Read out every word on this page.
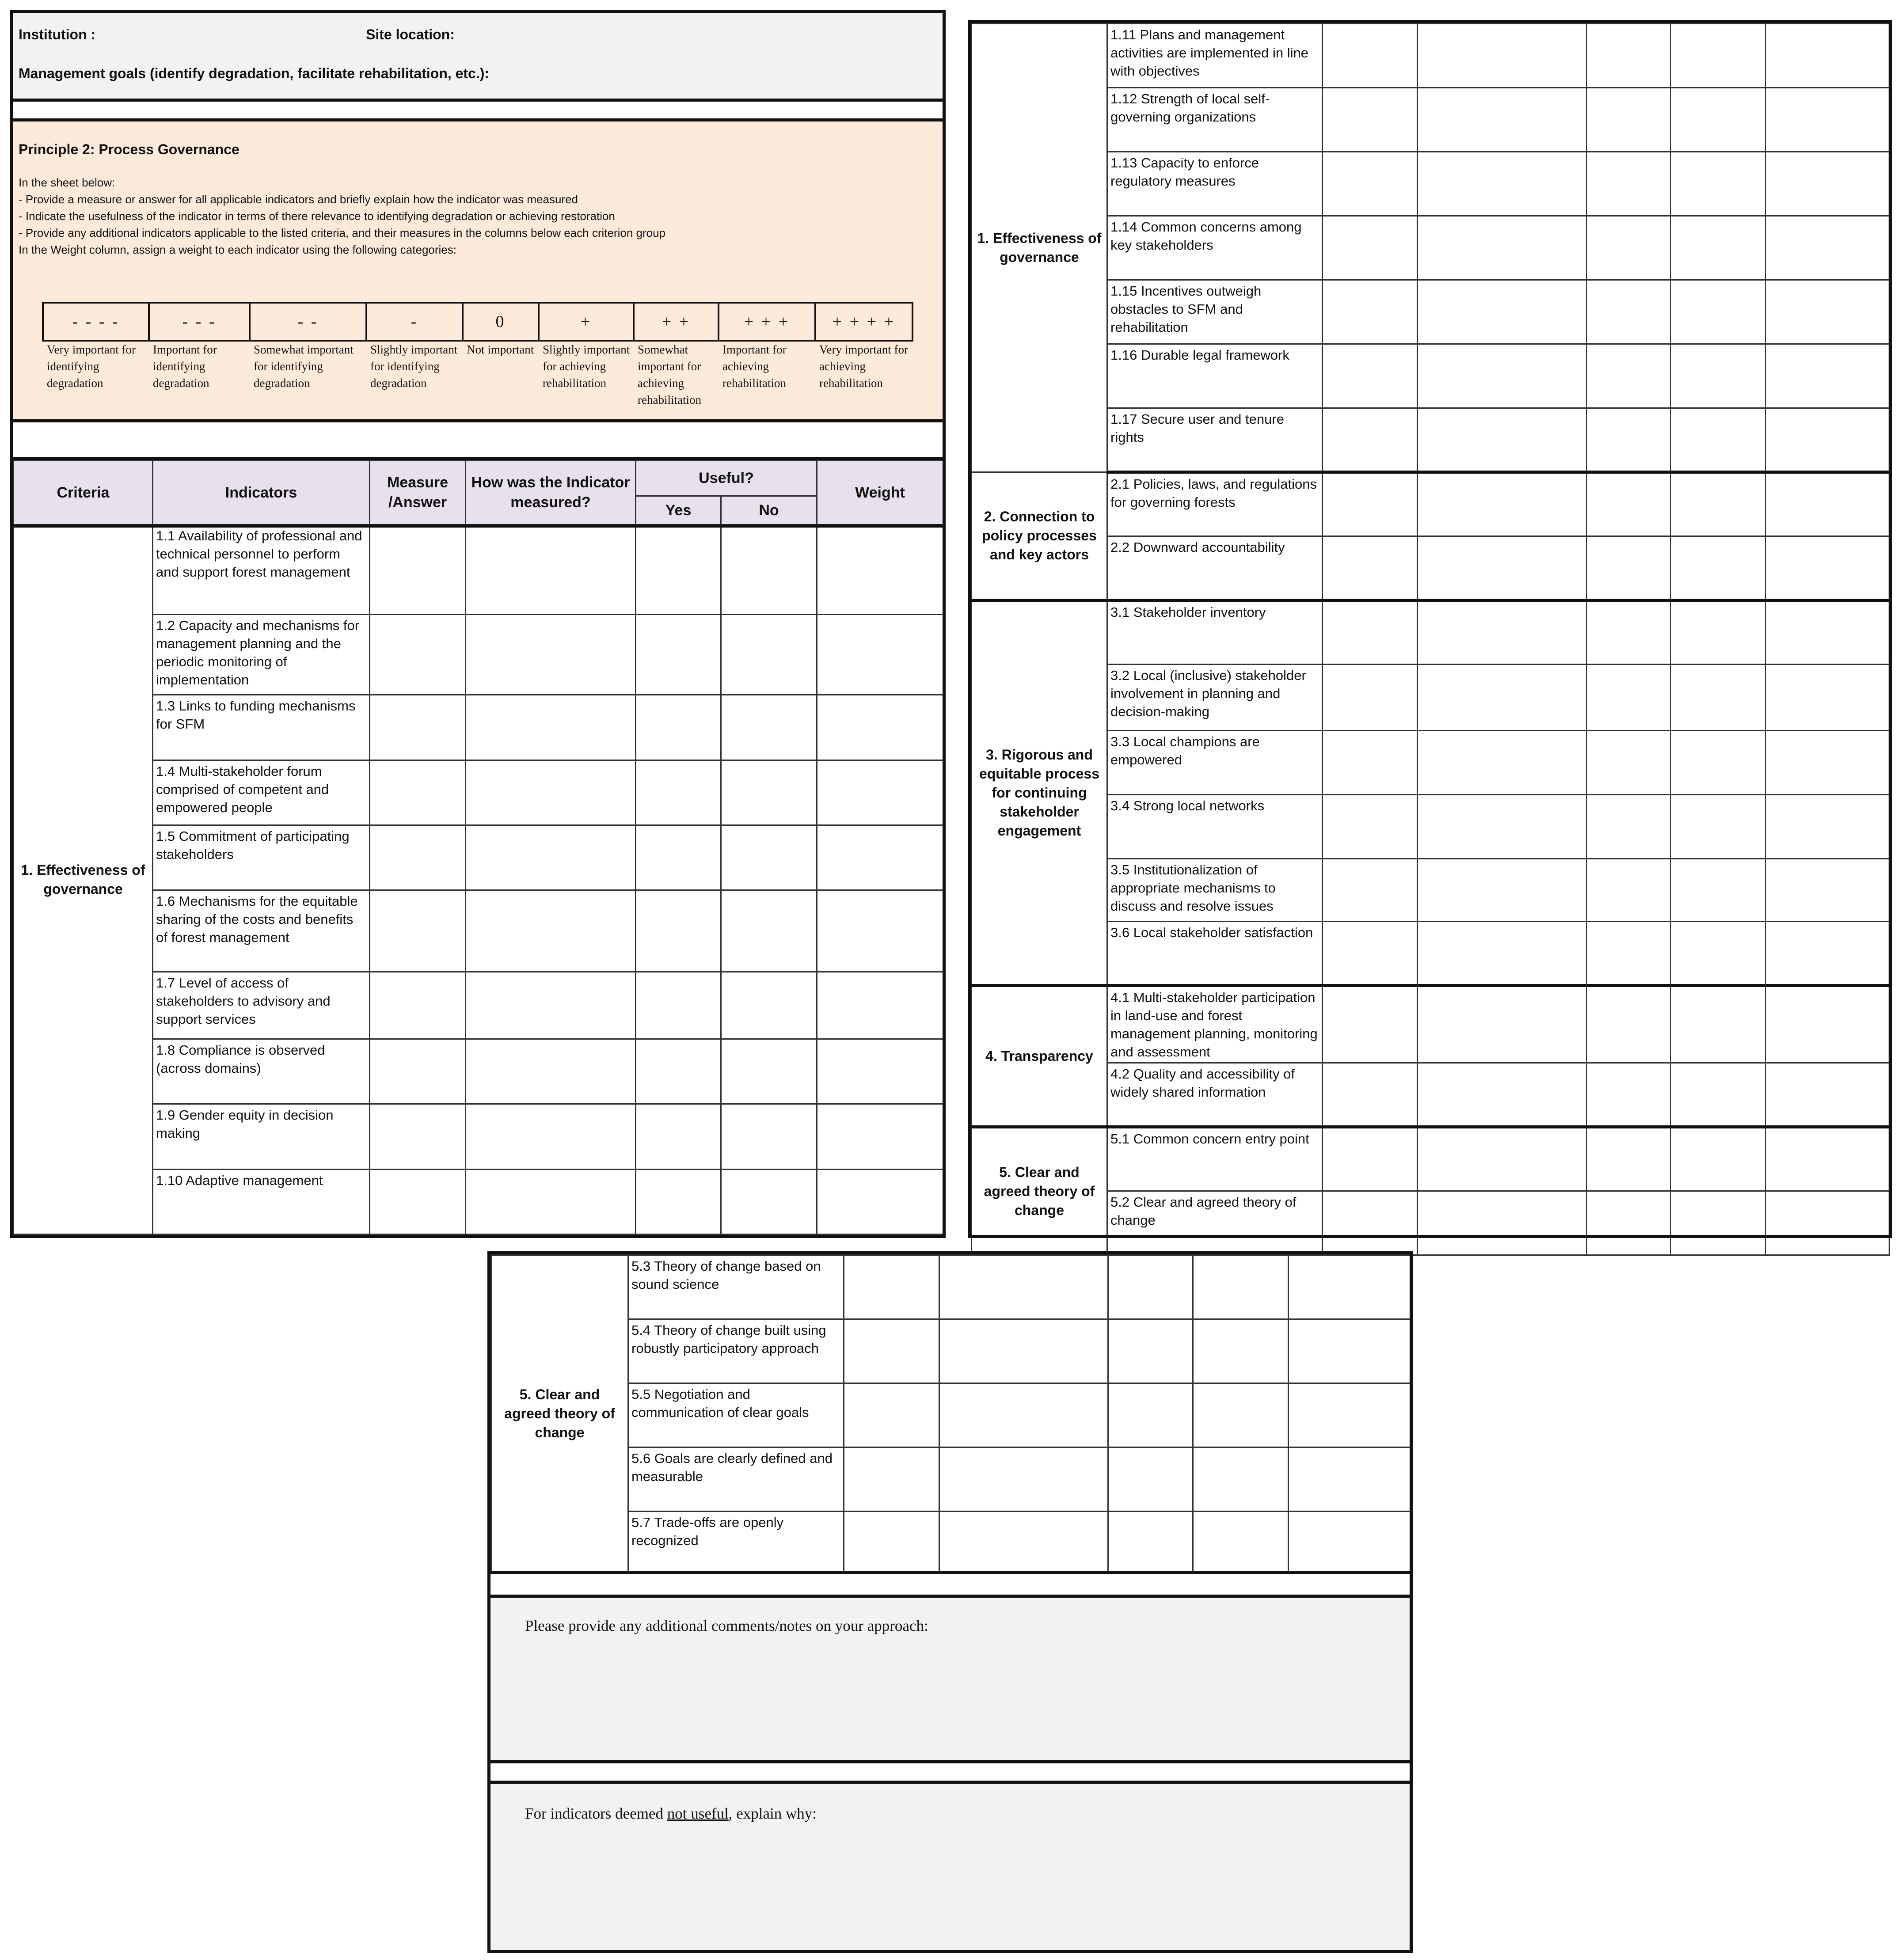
Institution :	Site location:
Management goals (identify degradation, facilitate rehabilitation, etc.):
Principle 2: Process Governance
In the sheet below:
- Provide a measure or answer for all applicable indicators and briefly explain how the indicator was measured
- Indicate the usefulness of the indicator in terms of there relevance to identifying degradation or achieving restoration
- Provide any additional indicators applicable to the listed criteria, and their measures in the columns below each criterion group
In the Weight column, assign a weight to each indicator using the following categories:
- - - -	- - -	- -	-	0	+	+ +	+ + +	+ + + +
Very important for identifying degradation
Important for identifying degradation
Somewhat important for identifying degradation
Slightly important for identifying degradation
Not important Slightly important for achieving rehabilitation
Somewhat important for achieving rehabilitation
Important for achieving rehabilitation
Very important for achieving rehabilitation
Criteria	Indicators	Measure /Answer	How was the Indicator measured?	Useful?		Weight
				Yes	No	
1. Effectiveness of governance	1.1 Availability of professional and technical personnel to perform and support forest management					
	1.2 Capacity and mechanisms for management planning and the periodic monitoring of implementation					
	1.3 Links to funding mechanisms for SFM					
	1.4 Multi-stakeholder forum comprised of competent and empowered people					
	1.5 Commitment of participating stakeholders					
	1.6 Mechanisms for the equitable sharing of the costs and benefits of forest management					
	1.7 Level of access of stakeholders to advisory and support services					
	1.8 Compliance is observed (across domains)					
	1.9 Gender equity in decision making					
	1.10 Adaptive management					
1. Effectiveness of governance	1.11 Plans and management activities are implemented in line with objectives					
	1.12 Strength of local self-governing organizations					
	1.13 Capacity to enforce regulatory measures					
	1.14 Common concerns among key stakeholders					
	1.15 Incentives outweigh obstacles to SFM and rehabilitation					
	1.16 Durable legal framework					
	1.17 Secure user and tenure rights					
2. Connection to policy processes and key actors	2.1 Policies, laws, and regulations for governing forests					
	2.2 Downward accountability					
3. Rigorous and equitable process for continuing stakeholder engagement	3.1 Stakeholder inventory					
	3.2 Local (inclusive) stakeholder involvement in planning and decision-making					
	3.3 Local champions are empowered					
	3.4 Strong local networks					
	3.5 Institutionalization of appropriate mechanisms to discuss and resolve issues					
	3.6 Local stakeholder satisfaction					
4. Transparency	4.1 Multi-stakeholder participation in land-use and forest management planning, monitoring and assessment					
	4.2 Quality and accessibility of widely shared information					
5. Clear and agreed theory of change	5.1 Common concern entry point					
	5.2 Clear and agreed theory of change					
5. Clear and agreed theory of change	5.3 Theory of change based on sound science					
	5.4 Theory of change built using robustly participatory approach					
	5.5 Negotiation and communication of clear goals					
	5.6 Goals are clearly defined and measurable					
	5.7 Trade-offs are openly recognized					
Please provide any additional comments/notes on your approach:
For indicators deemed not useful, explain why:
